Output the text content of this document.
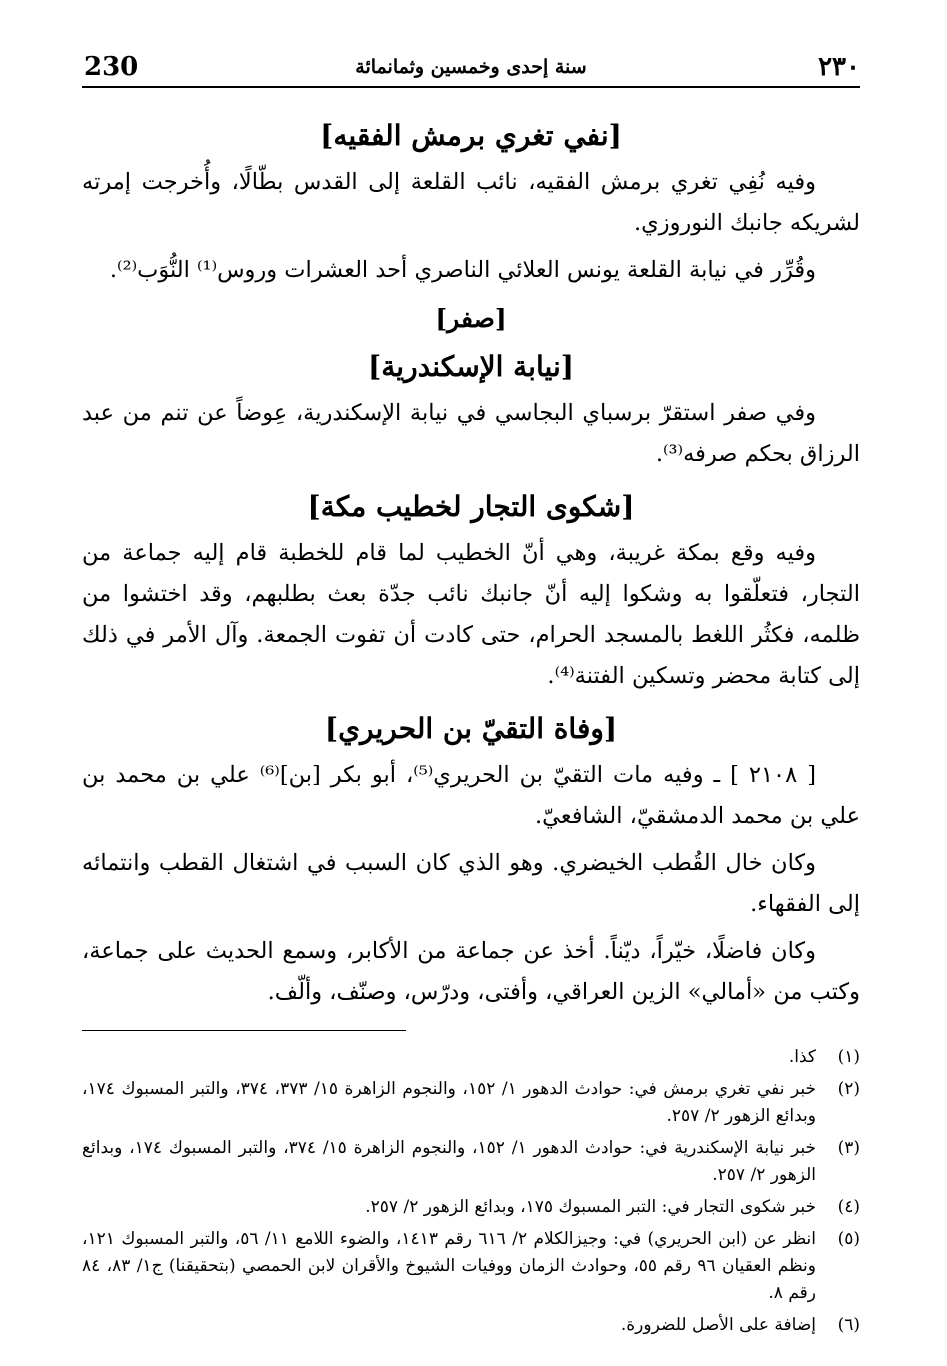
٢٣٠
سنة إحدى وخمسين وثمانمائة
230
[نفي تغري برمش الفقيه]

وفيه نُفِي تغري برمش الفقيه، نائب القلعة إلى القدس بطّالًا، وأُخرجت إمرته لشريكه جانبك النوروزي.

وقُرِّر في نيابة القلعة يونس العلائي الناصري أحد العشرات وروس⁽¹⁾ النُّوَب⁽²⁾.

[صفر]
[نيابة الإسكندرية]

وفي صفر استقرّ برسباي البجاسي في نيابة الإسكندرية، عِوضاً عن تنم من عبد الرزاق بحكم صرفه⁽³⁾.

[شكوى التجار لخطيب مكة]

وفيه وقع بمكة غريبة، وهي أنّ الخطيب لما قام للخطبة قام إليه جماعة من التجار، فتعلّقوا به وشكوا إليه أنّ جانبك نائب جدّة بعث بطلبهم، وقد اختشوا من ظلمه، فكثُر اللغط بالمسجد الحرام، حتى كادت أن تفوت الجمعة. وآل الأمر في ذلك إلى كتابة محضر وتسكين الفتنة⁽⁴⁾.

[وفاة التقيّ بن الحريري]

[ ٢١٠٨ ] ـ وفيه مات التقيّ بن الحريري⁽⁵⁾، أبو بكر [بن]⁽⁶⁾ علي بن محمد بن علي بن محمد الدمشقيّ، الشافعيّ.

وكان خال القُطب الخيضري. وهو الذي كان السبب في اشتغال القطب وانتمائه إلى الفقهاء.

وكان فاضلًا، خيّراً، ديّناً. أخذ عن جماعة من الأكابر، وسمع الحديث على جماعة، وكتب من «أمالي» الزين العراقي، وأفتى، ودرّس، وصنّف، وألّف.

(١)
كذا.
(٢)
خبر نفي تغري برمش في: حوادث الدهور ١/ ١٥٢، والنجوم الزاهرة ١٥/ ٣٧٣، ٣٧٤، والتبر المسبوك ١٧٤، وبدائع الزهور ٢/ ٢٥٧.
(٣)
خبر نيابة الإسكندرية في: حوادث الدهور ١/ ١٥٢، والنجوم الزاهرة ١٥/ ٣٧٤، والتبر المسبوك ١٧٤، وبدائع الزهور ٢/ ٢٥٧.
(٤)
خبر شكوى التجار في: التبر المسبوك ١٧٥، وبدائع الزهور ٢/ ٢٥٧.
(٥)
انظر عن (ابن الحريري) في: وجيزالكلام ٢/ ٦١٦ رقم ١٤١٣، والضوء اللامع ١١/ ٥٦، والتبر المسبوك ١٢١، ونظم العقيان ٩٦ رقم ٥٥، وحوادث الزمان ووفيات الشيوخ والأقران لابن الحمصي (بتحقيقنا) ج١/ ٨٣، ٨٤ رقم ٨.
(٦)
إضافة على الأصل للضرورة.
